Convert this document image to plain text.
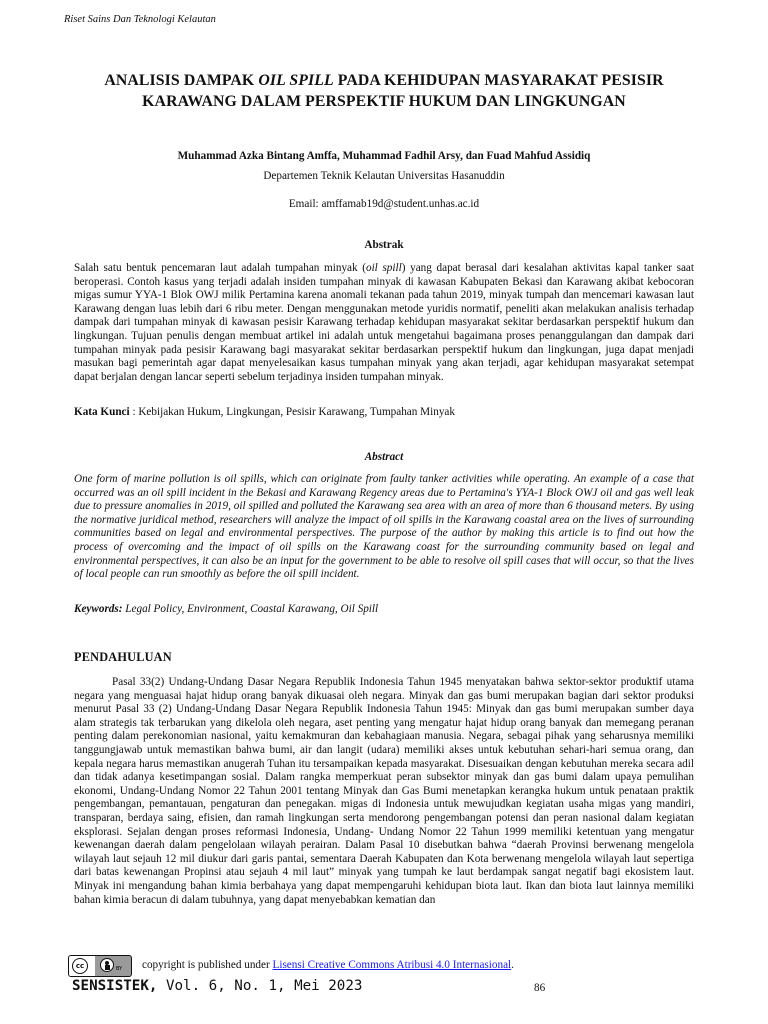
Riset Sains Dan Teknologi Kelautan
ANALISIS DAMPAK OIL SPILL PADA KEHIDUPAN MASYARAKAT PESISIR KARAWANG DALAM PERSPEKTIF HUKUM DAN LINGKUNGAN
Muhammad Azka Bintang Amffa, Muhammad Fadhil Arsy, dan Fuad Mahfud Assidiq
Departemen Teknik Kelautan Universitas Hasanuddin
Email: amffamab19d@student.unhas.ac.id
Abstrak
Salah satu bentuk pencemaran laut adalah tumpahan minyak (oil spill) yang dapat berasal dari kesalahan aktivitas kapal tanker saat beroperasi. Contoh kasus yang terjadi adalah insiden tumpahan minyak di kawasan Kabupaten Bekasi dan Karawang akibat kebocoran migas sumur YYA-1 Blok OWJ milik Pertamina karena anomali tekanan pada tahun 2019, minyak tumpah dan mencemari kawasan laut Karawang dengan luas lebih dari 6 ribu meter. Dengan menggunakan metode yuridis normatif, peneliti akan melakukan analisis terhadap dampak dari tumpahan minyak di kawasan pesisir Karawang terhadap kehidupan masyarakat sekitar berdasarkan perspektif hukum dan lingkungan. Tujuan penulis dengan membuat artikel ini adalah untuk mengetahui bagaimana proses penanggulangan dan dampak dari tumpahan minyak pada pesisir Karawang bagi masyarakat sekitar berdasarkan perspektif hukum dan lingkungan, juga dapat menjadi masukan bagi pemerintah agar dapat menyelesaikan kasus tumpahan minyak yang akan terjadi, agar kehidupan masyarakat setempat dapat berjalan dengan lancar seperti sebelum terjadinya insiden tumpahan minyak.
Kata Kunci : Kebijakan Hukum, Lingkungan, Pesisir Karawang, Tumpahan Minyak
Abstract
One form of marine pollution is oil spills, which can originate from faulty tanker activities while operating. An example of a case that occurred was an oil spill incident in the Bekasi and Karawang Regency areas due to Pertamina's YYA-1 Block OWJ oil and gas well leak due to pressure anomalies in 2019, oil spilled and polluted the Karawang sea area with an area of more than 6 thousand meters. By using the normative juridical method, researchers will analyze the impact of oil spills in the Karawang coastal area on the lives of surrounding communities based on legal and environmental perspectives. The purpose of the author by making this article is to find out how the process of overcoming and the impact of oil spills on the Karawang coast for the surrounding community based on legal and environmental perspectives, it can also be an input for the government to be able to resolve oil spill cases that will occur, so that the lives of local people can run smoothly as before the oil spill incident.
Keywords: Legal Policy, Environment, Coastal Karawang, Oil Spill
PENDAHULUAN
Pasal 33(2) Undang-Undang Dasar Negara Republik Indonesia Tahun 1945 menyatakan bahwa sektor-sektor produktif utama negara yang menguasai hajat hidup orang banyak dikuasai oleh negara. Minyak dan gas bumi merupakan bagian dari sektor produksi menurut Pasal 33 (2) Undang-Undang Dasar Negara Republik Indonesia Tahun 1945: Minyak dan gas bumi merupakan sumber daya alam strategis tak terbarukan yang dikelola oleh negara, aset penting yang mengatur hajat hidup orang banyak dan memegang peranan penting dalam perekonomian nasional, yaitu kemakmuran dan kebahagiaan manusia. Negara, sebagai pihak yang seharusnya memiliki tanggungjawab untuk memastikan bahwa bumi, air dan langit (udara) memiliki akses untuk kebutuhan sehari-hari semua orang, dan kepala negara harus memastikan anugerah Tuhan itu tersampaikan kepada masyarakat. Disesuaikan dengan kebutuhan mereka secara adil dan tidak adanya kesetimpangan sosial. Dalam rangka memperkuat peran subsektor minyak dan gas bumi dalam upaya pemulihan ekonomi, Undang-Undang Nomor 22 Tahun 2001 tentang Minyak dan Gas Bumi menetapkan kerangka hukum untuk penataan praktik pengembangan, pemantauan, pengaturan dan penegakan. migas di Indonesia untuk mewujudkan kegiatan usaha migas yang mandiri, transparan, berdaya saing, efisien, dan ramah lingkungan serta mendorong pengembangan potensi dan peran nasional dalam kegiatan eksplorasi. Sejalan dengan proses reformasi Indonesia, Undang- Undang Nomor 22 Tahun 1999 memiliki ketentuan yang mengatur kewenangan daerah dalam pengelolaan wilayah perairan. Dalam Pasal 10 disebutkan bahwa “daerah Provinsi berwenang mengelola wilayah laut sejauh 12 mil diukur dari garis pantai, sementara Daerah Kabupaten dan Kota berwenang mengelola wilayah laut sepertiga dari batas kewenangan Propinsi atau sejauh 4 mil laut” minyak yang tumpah ke laut berdampak sangat negatif bagi ekosistem laut. Minyak ini mengandung bahan kimia berbahaya yang dapat mempengaruhi kehidupan biota laut. Ikan dan biota laut lainnya memiliki bahan kimia beracun di dalam tubuhnya, yang dapat menyebabkan kematian dan
cc	BY copyright is published under Lisensi Creative Commons Atribusi 4.0 Internasional.
SENSISTEK, Vol. 6, No. 1, Mei 2023	86
